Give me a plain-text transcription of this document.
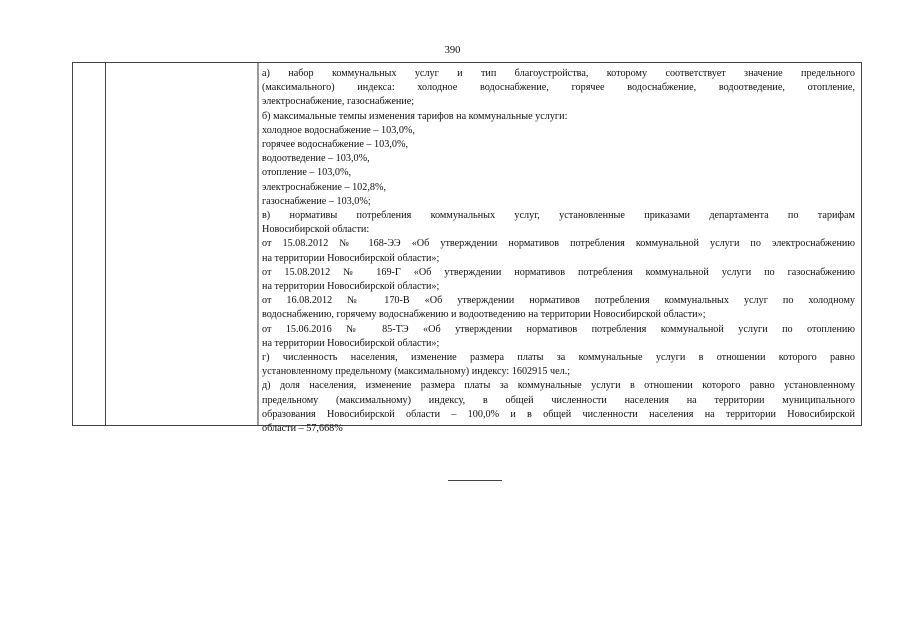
390
а) набор коммунальных услуг и тип благоустройства, которому соответствует значение предельного
(максимального) индекса: холодное водоснабжение, горячее водоснабжение, водоотведение, отопление,
электроснабжение, газоснабжение;
б) максимальные темпы изменения тарифов на коммунальные услуги:
холодное водоснабжение – 103,0%,
горячее водоснабжение – 103,0%,
водоотведение – 103,0%,
отопление – 103,0%,
электроснабжение – 102,8%,
газоснабжение – 103,0%;
в) нормативы потребления коммунальных услуг, установленные приказами департамента по тарифам
Новосибирской области:
от 15.08.2012 № 168-ЭЭ «Об утверждении нормативов потребления коммунальной услуги по электроснабжению
на территории Новосибирской области»;
от 15.08.2012 № 169-Г «Об утверждении нормативов потребления коммунальной услуги по газоснабжению
на территории Новосибирской области»;
от 16.08.2012 № 170-В «Об утверждении нормативов потребления коммунальных услуг по холодному
водоснабжению, горячему водоснабжению и водоотведению на территории Новосибирской области»;
от 15.06.2016 № 85-ТЭ «Об утверждении нормативов потребления коммунальной услуги по отоплению
на территории Новосибирской области»;
г) численность населения, изменение размера платы за коммунальные услуги в отношении которого равно
установленному предельному (максимальному) индексу: 1602915 чел.;
д) доля населения, изменение размера платы за коммунальные услуги в отношении которого равно установленному
предельному (максимальному) индексу, в общей численности населения на территории муниципального
образования Новосибирской области – 100,0% и в общей численности населения на территории Новосибирской
области – 57,668%
